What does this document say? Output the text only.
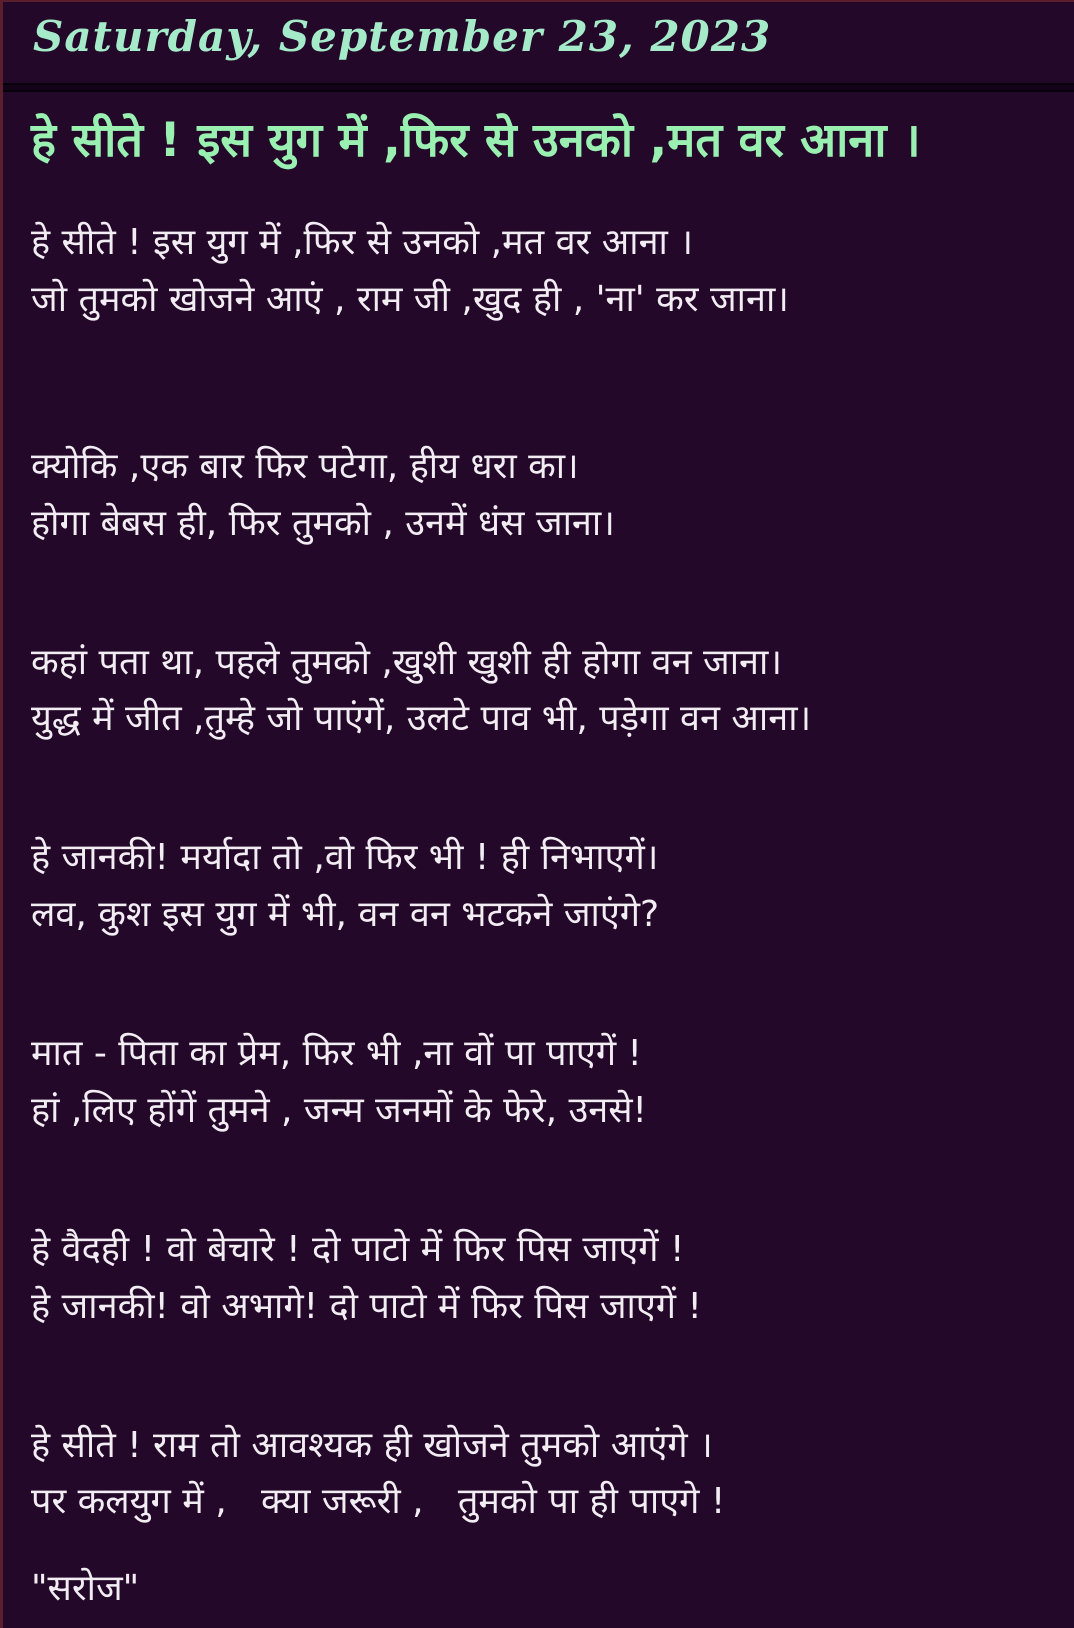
Saturday, September 23, 2023
हे सीते ! इस युग में ,फिर से उनको ,मत वर आना ।

हे सीते ! इस युग में ,फिर से उनको ,मत वर आना ।
जो तुमको खोजने आएं , राम जी ,खुद ही , 'ना' कर जाना।

क्योकि ,एक बार फिर पटेगा, हीय धरा का।
होगा बेबस ही, फिर तुमको , उनमें धंस जाना।

कहां पता था, पहले तुमको ,खुशी खुशी ही होगा वन जाना।
युद्ध में जीत ,तुम्हे जो पाएंगें, उलटे पाव भी, पड़ेगा वन आना।

हे जानकी! मर्यादा तो ,वो फिर भी ! ही निभाएगें।
लव, कुश इस युग में भी, वन वन भटकने जाएंगे?

मात - पिता का प्रेम, फिर भी ,ना वों पा पाएगें !
हां ,लिए होंगें तुमने , जन्म जनमों के फेरे, उनसे!

हे वैदही ! वो बेचारे ! दो पाटो में फिर पिस जाएगें !
हे जानकी! वो अभागे! दो पाटो में फिर पिस जाएगें !

हे सीते ! राम तो आवश्यक ही खोजने तुमको आएंगे ।
पर कलयुग में ,   क्या जरूरी ,   तुमको पा ही पाएगे !

"सरोज"
